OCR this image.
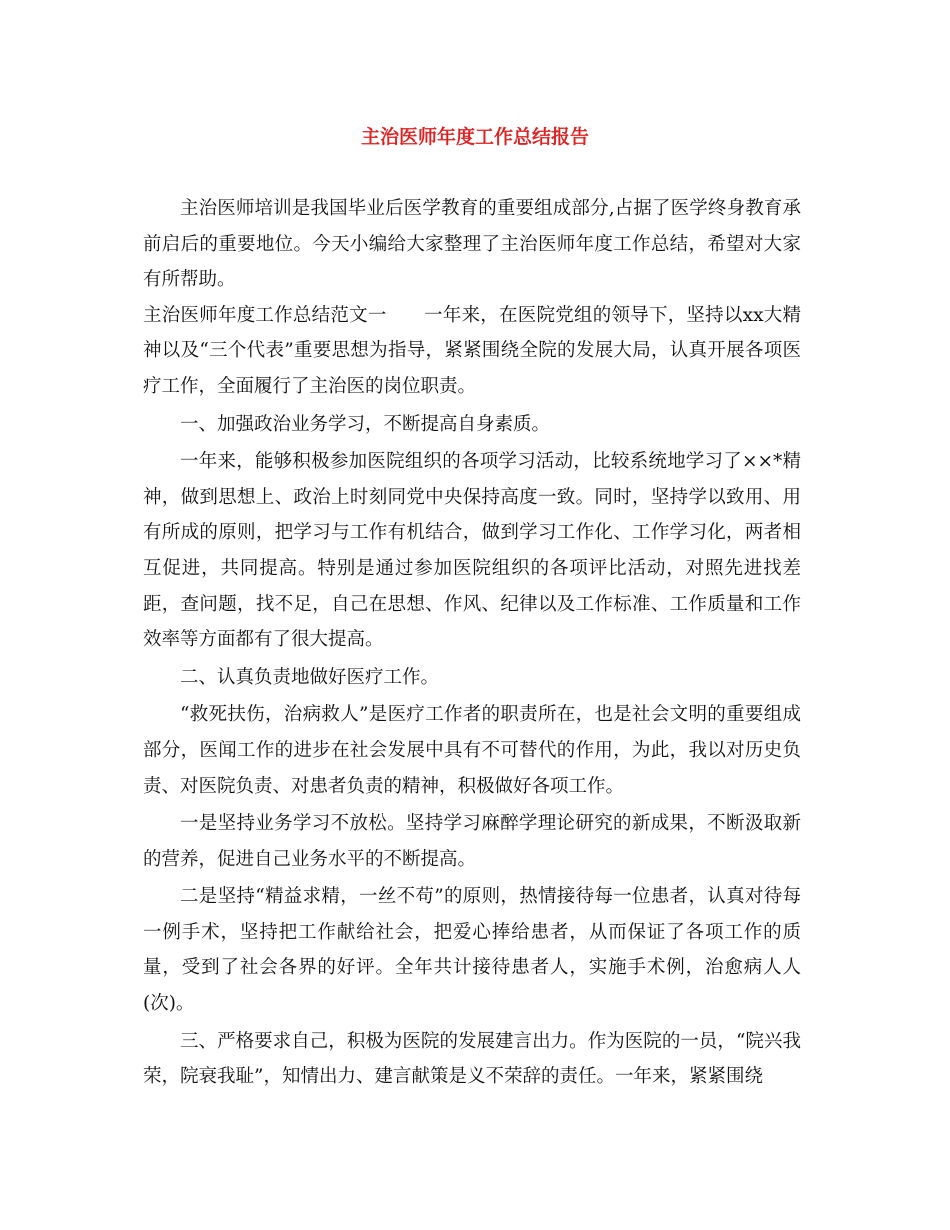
主治医师年度工作总结报告

主治医师培训是我国毕业后医学教育的重要组成部分,占据了医学终身教育承前启后的重要地位。今天小编给大家整理了主治医师年度工作总结，希望对大家有所帮助。

主治医师年度工作总结范文一　　一年来，在医院党组的领导下，坚持以xx大精神以及“三个代表”重要思想为指导，紧紧围绕全院的发展大局，认真开展各项医疗工作，全面履行了主治医的岗位职责。

一、加强政治业务学习，不断提高自身素质。

一年来，能够积极参加医院组织的各项学习活动，比较系统地学习了××*精神，做到思想上、政治上时刻同党中央保持高度一致。同时，坚持学以致用、用有所成的原则，把学习与工作有机结合，做到学习工作化、工作学习化，两者相互促进，共同提高。特别是通过参加医院组织的各项评比活动，对照先进找差距，查问题，找不足，自己在思想、作风、纪律以及工作标准、工作质量和工作效率等方面都有了很大提高。

二、认真负责地做好医疗工作。

“救死扶伤，治病救人”是医疗工作者的职责所在，也是社会文明的重要组成部分，医闻工作的进步在社会发展中具有不可替代的作用，为此，我以对历史负责、对医院负责、对患者负责的精神，积极做好各项工作。

一是坚持业务学习不放松。坚持学习麻醉学理论研究的新成果，不断汲取新的营养，促进自己业务水平的不断提高。

二是坚持“精益求精，一丝不苟”的原则，热情接待每一位患者，认真对待每一例手术，坚持把工作献给社会，把爱心捧给患者，从而保证了各项工作的质量，受到了社会各界的好评。全年共计接待患者人，实施手术例，治愈病人人(次)。

三、严格要求自己，积极为医院的发展建言出力。作为医院的一员，“院兴我荣，院衰我耻”，知情出力、建言献策是义不荣辞的责任。一年来，紧紧围绕
